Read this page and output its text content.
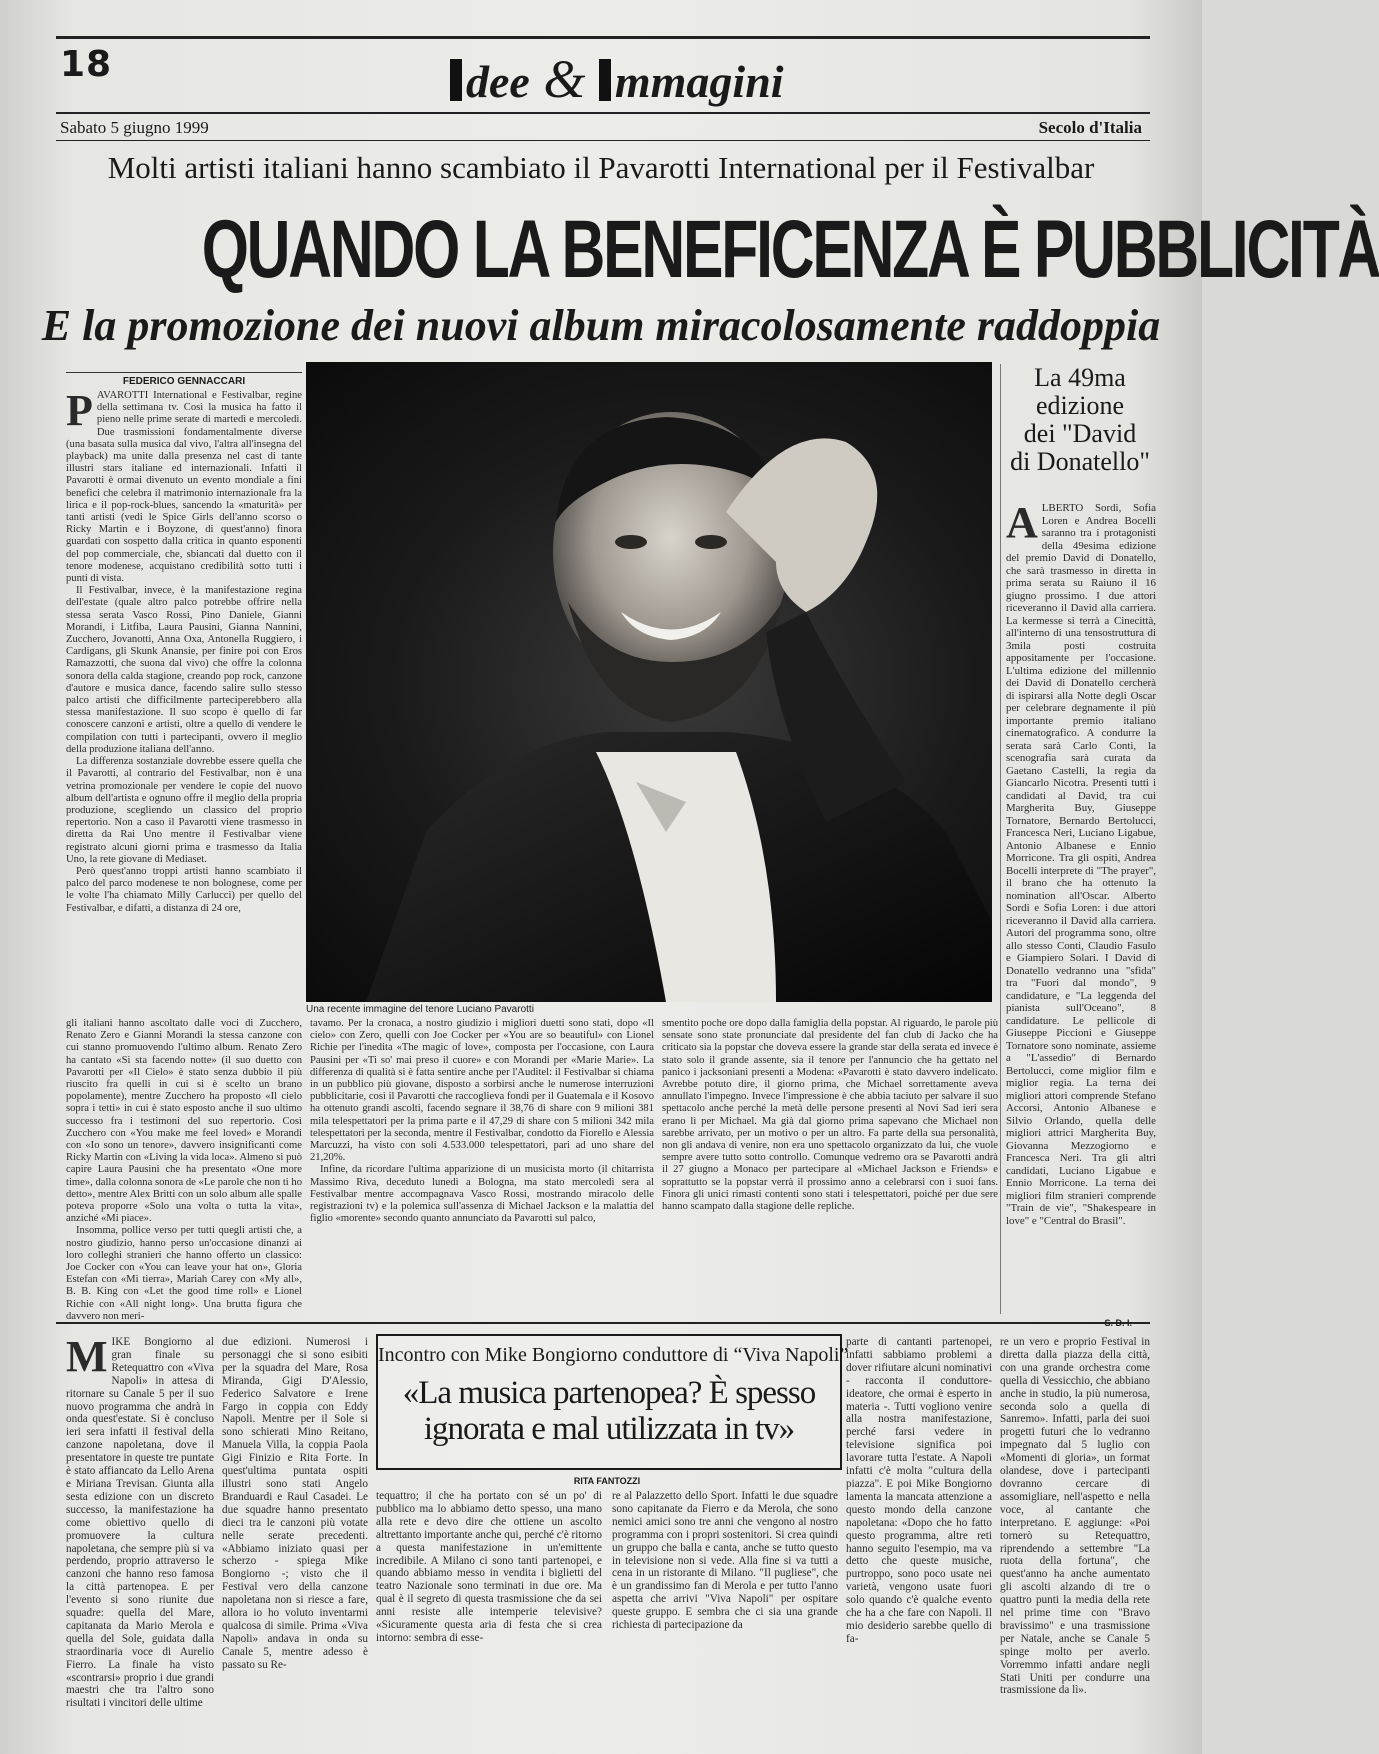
18	dee & mmagini
Sabato 5 giugno 1999	Secolo d'Italia
Molti artisti italiani hanno scambiato il Pavarotti International per il Festivalbar
QUANDO LA BENEFICENZA È PUBBLICITÀ
E la promozione dei nuovi album miracolosamente raddoppia
FEDERICO GENNACCARI
P AVAROTTI International e Festivalbar, regine della settimana tv. Così la musica ha fatto il pieno nelle prime serate di martedì e mercoledì. Due trasmissioni fondamentalmente diverse (una basata sulla musica dal vivo, l'altra all'insegna del playback) ma unite dalla presenza nel cast di tante illustri stars italiane ed internazionali. Infatti il Pavarotti è ormai divenuto un evento mondiale a fini benefici che celebra il matrimonio internazionale fra la lirica e il pop-rock-blues, sancendo la «maturità» per tanti artisti (vedi le Spice Girls dell'anno scorso o Ricky Martin e i Boyzone, di quest'anno) finora guardati con sospetto dalla critica in quanto esponenti del pop commerciale, che, sbiancati dal duetto con il tenore modenese, acquistano credibilità sotto tutti i punti di vista.

Il Festivalbar, invece, è la manifestazione regina dell'estate (quale altro palco potrebbe offrire nella stessa serata Vasco Rossi, Pino Daniele, Gianni Morandi, i Litfiba, Laura Pausini, Gianna Nannini, Zucchero, Jovanotti, Anna Oxa, Antonella Ruggiero, i Cardigans, gli Skunk Anansie, per finire poi con Eros Ramazzotti, che suona dal vivo) che offre la colonna sonora della calda stagione, creando pop rock, canzone d'autore e musica dance, facendo salire sullo stesso palco artisti che difficilmente parteciperebbero alla stessa manifestazione. Il suo scopo è quello di far conoscere canzoni e artisti, oltre a quello di vendere le compilation con tutti i partecipanti, ovvero il meglio della produzione italiana dell'anno.

La differenza sostanziale dovrebbe essere quella che il Pavarotti, al contrario del Festivalbar, non è una vetrina promozionale per vendere le copie del nuovo album dell'artista e ognuno offre il meglio della propria produzione, scegliendo un classico del proprio repertorio. Non a caso il Pavarotti viene trasmesso in diretta da Rai Uno mentre il Festivalbar viene registrato alcuni giorni prima e trasmesso da Italia Uno, la rete giovane di Mediaset.

Però quest'anno troppi artisti hanno scambiato il palco del parco modenese te non bolognese, come per le volte l'ha chiamato Milly Carlucci) per quello del Festivalbar, e difatti, a distanza di 24 ore,

Una recente immagine del tenore Luciano Pavarotti
La 49ma
edizione
dei "David
di Donatello"
A LBERTO Sordi, Sofia Loren e Andrea Bocelli saranno tra i protagonisti della 49esima edizione del premio David di Donatello, che sarà trasmesso in diretta in prima serata su Raiuno il 16 giugno prossimo. I due attori riceveranno il David alla carriera. La kermesse si terrà a Cinecittà, all'interno di una tensostruttura di 3mila posti costruita appositamente per l'occasione. L'ultima edizione del millennio dei David di Donatello cercherà di ispirarsi alla Notte degli Oscar per celebrare degnamente il più importante premio italiano cinematografico. A condurre la serata sarà Carlo Conti, la scenografia sarà curata da Gaetano Castelli, la regia da Giancarlo Nicotra. Presenti tutti i candidati al David, tra cui Margherita Buy, Giuseppe Tornatore, Bernardo Bertolucci, Francesca Neri, Luciano Ligabue, Antonio Albanese e Ennio Morricone. Tra gli ospiti, Andrea Bocelli interprete di "The prayer", il brano che ha ottenuto la nomination all'Oscar. Alberto Sordi e Sofia Loren: i due attori riceveranno il David alla carriera. Autori del programma sono, oltre allo stesso Conti, Claudio Fasulo e Giampiero Solari. I David di Donatello vedranno una "sfida" tra "Fuori dal mondo", 9 candidature, e "La leggenda del pianista sull'Oceano", 8 candidature. Le pellicole di Giuseppe Piccioni e Giuseppe Tornatore sono nominate, assieme a "L'assedio" di Bernardo Bertolucci, come miglior film e miglior regia. La terna dei migliori attori comprende Stefano Accorsi, Antonio Albanese e Silvio Orlando, quella delle migliori attrici Margherita Buy, Giovanna Mezzogiorno e Francesca Neri. Tra gli altri candidati, Luciano Ligabue e Ennio Morricone. La terna dei migliori film stranieri comprende "Train de vie", "Shakespeare in love" e "Central do Brasil".

gli italiani hanno ascoltato dalle voci di Zucchero, Renato Zero e Gianni Morandi la stessa canzone con cui stanno promuovendo l'ultimo album. Renato Zero ha cantato «Si sta facendo notte» (il suo duetto con Pavarotti per «Il Cielo» è stato senza dubbio il più riuscito fra quelli in cui si è scelto un brano popolamente), mentre Zucchero ha proposto «Il cielo sopra i tetti» in cui è stato esposto anche il suo ultimo successo fra i testimoni del suo repertorio. Così Zucchero con «You make me feel loved» e Morandi con «Io sono un tenore», davvero insignificanti come Ricky Martin con «Living la vida loca». Almeno si può capire Laura Pausini che ha presentato «One more time», dalla colonna sonora de «Le parole che non ti ho detto», mentre Alex Britti con un solo album alle spalle poteva proporre «Solo una volta o tutta la vita», anziché «Mi piace».

Insomma, pollice verso per tutti quegli artisti che, a nostro giudizio, hanno perso un'occasione dinanzi ai loro colleghi stranieri che hanno offerto un classico: Joe Cocker con «You can leave your hat on», Gloria Estefan con «Mi tierra», Mariah Carey con «My all», B. B. King con «Let the good time roll» e Lionel Richie con «All night long». Una brutta figura che davvero non meri-

tavamo. Per la cronaca, a nostro giudizio i migliori duetti sono stati, dopo «Il cielo» con Zero, quelli con Joe Cocker per «You are so beautiful» con Lionel Richie per l'inedita «The magic of love», composta per l'occasione, con Laura Pausini per «Ti so' mai preso il cuore» e con Morandi per «Marie Marie». La differenza di qualità si è fatta sentire anche per l'Auditel: il Festivalbar si chiama in un pubblico più giovane, disposto a sorbirsi anche le numerose interruzioni pubblicitarie, così il Pavarotti che raccoglieva fondi per il Guatemala e il Kosovo ha ottenuto grandi ascolti, facendo segnare il 38,76 di share con 9 milioni 381 mila telespettatori per la prima parte e il 47,29 di share con 5 milioni 342 mila telespettatori per la seconda, mentre il Festivalbar, condotto da Fiorello e Alessia Marcuzzi, ha visto con soli 4.533.000 telespettatori, pari ad uno share del 21,20%.

Infine, da ricordare l'ultima apparizione di un musicista morto (il chitarrista Massimo Riva, deceduto lunedì a Bologna, ma stato mercoledì sera al Festivalbar mentre accompagnava Vasco Rossi, mostrando miracolo delle registrazioni tv) e la polemica sull'assenza di Michael Jackson e la malattia del figlio «morente» secondo quanto annunciato da Pavarotti sul palco,

smentito poche ore dopo dalla famiglia della popstar. Al riguardo, le parole più sensate sono state pronunciate dal presidente del fan club di Jacko che ha criticato sia la popstar che doveva essere la grande star della serata ed invece è stato solo il grande assente, sia il tenore per l'annuncio che ha gettato nel panico i jacksoniani presenti a Modena: «Pavarotti è stato davvero indelicato. Avrebbe potuto dire, il giorno prima, che Michael sorrettamente aveva annullato l'impegno. Invece l'impressione è che abbia taciuto per salvare il suo spettacolo anche perché la metà delle persone presenti al Novi Sad ieri sera erano lì per Michael. Ma già dal giorno prima sapevano che Michael non sarebbe arrivato, per un motivo o per un altro. Fa parte della sua personalità, non gli andava di venire, non era uno spettacolo organizzato da lui, che vuole sempre avere tutto sotto controllo. Comunque vedremo ora se Pavarotti andrà il 27 giugno a Monaco per partecipare al «Michael Jackson e Friends» e soprattutto se la popstar verrà il prossimo anno a celebrarsi con i suoi fans. Finora gli unici rimasti contenti sono stati i telespettatori, poiché per due sere hanno scampato dalla stagione delle repliche.

Incontro con Mike Bongiorno conduttore di “Viva Napoli”
«La musica partenopea? È spesso ignorata e mal utilizzata in tv»
RITA FANTOZZI
M IKE Bongiorno al gran finale su Retequattro con «Viva Napoli» in attesa di ritornare su Canale 5 per il suo nuovo programma che andrà in onda quest'estate. Si è concluso ieri sera infatti il festival della canzone napoletana, dove il presentatore in queste tre puntate è stato affiancato da Lello Arena e Miriana Trevisan. Giunta alla sesta edizione con un discreto successo, la manifestazione ha come obiettivo quello di promuovere la cultura napoletana, che sempre più si va perdendo, proprio attraverso le canzoni che hanno reso famosa la città partenopea. E per l'evento si sono riunite due squadre: quella del Mare, capitanata da Mario Merola e quella del Sole, guidata dalla straordinaria voce di Aurelio Fierro. La finale ha visto «scontrarsi» proprio i due grandi maestri che tra l'altro sono risultati i vincitori delle ultime

due edizioni. Numerosi i personaggi che si sono esibiti per la squadra del Mare, Rosa Miranda, Gigi D'Alessio, Federico Salvatore e Irene Fargo in coppia con Eddy Napoli. Mentre per il Sole si sono schierati Mino Reitano, Manuela Villa, la coppia Paola Gigi Finizio e Rita Forte. In quest'ultima puntata ospiti illustri sono stati Angelo Branduardi e Raul Casadei. Le due squadre hanno presentato dieci tra le canzoni più votate nelle serate precedenti. «Abbiamo iniziato quasi per scherzo - spiega Mike Bongiorno -; visto che il Festival vero della canzone napoletana non si riesce a fare, allora io ho voluto inventarmi qualcosa di simile. Prima «Viva Napoli» andava in onda su Canale 5, mentre adesso è passato su Re-

tequattro; il che ha portato con sé un po' di pubblico ma lo abbiamo detto spesso, una mano alla rete e devo dire che ottiene un ascolto altrettanto importante anche qui, perché c'è ritorno a questa manifestazione in un'emittente incredibile. A Milano ci sono tanti partenopei, e quando abbiamo messo in vendita i biglietti del teatro Nazionale sono terminati in due ore. Ma qual è il segreto di questa trasmissione che da sei anni resiste alle intemperie televisive? «Sicuramente questa aria di festa che si crea intorno: sembra di esse-

re al Palazzetto dello Sport. Infatti le due squadre sono capitanate da Fierro e da Merola, che sono nemici amici sono tre anni che vengono al nostro programma con i propri sostenitori. Si crea quindi un gruppo che balla e canta, anche se tutto questo in televisione non si vede. Alla fine si va tutti a cena in un ristorante di Milano. "Il pugliese", che è un grandissimo fan di Merola e per tutto l'anno aspetta che arrivi "Viva Napoli" per ospitare queste gruppo. E sembra che ci sia una grande richiesta di partecipazione da

parte di cantanti partenopei, infatti sabbiamo problemi a dover rifiutare alcuni nominativi - racconta il conduttore-ideatore, che ormai è esperto in materia -. Tutti vogliono venire alla nostra manifestazione, perché farsi vedere in televisione significa poi lavorare tutta l'estate. A Napoli infatti c'è molta "cultura della piazza". E poi Mike Bongiorno lamenta la mancata attenzione a questo mondo della canzone napoletana: «Dopo che ho fatto questo programma, altre reti hanno seguito l'esempio, ma va detto che queste musiche, purtroppo, sono poco usate nei varietà, vengono usate fuori solo quando c'è qualche evento che ha a che fare con Napoli. Il mio desiderio sarebbe quello di fa-

re un vero e proprio Festival in diretta dalla piazza della città, con una grande orchestra come quella di Vessicchio, che abbiano anche in studio, la più numerosa, seconda solo a quella di Sanremo». Infatti, parla dei suoi progetti futuri che lo vedranno impegnato dal 5 luglio con «Momenti di gloria», un format olandese, dove i partecipanti dovranno cercare di assomigliare, nell'aspetto e nella voce, al cantante che interpretano. E aggiunge: «Poi tornerò su Retequattro, riprendendo a settembre "La ruota della fortuna", che quest'anno ha anche aumentato gli ascolti alzando di tre o quattro punti la media della rete nel prime time con "Bravo bravissimo" e una trasmissione per Natale, anche se Canale 5 spinge molto per averlo. Vorremmo infatti andare negli Stati Uniti per condurre una trasmissione da lì».
